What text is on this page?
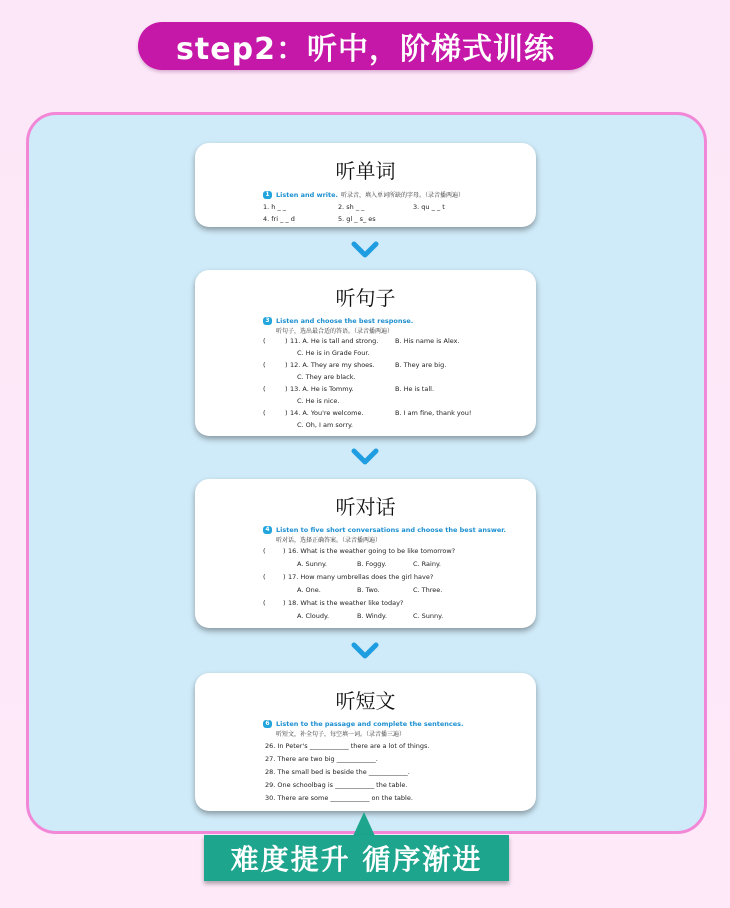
step2：听中，阶梯式训练
听单词
1 Listen and write. 听录音，填入单词所缺的字母。（录音播两遍）
1. h _ _	2. sh _ _	3. qu _ _ t
4. fri _ _ d	5. gl _ s_ es
听句子
3 Listen and choose the best response.
听句子，选出最合适的答语。（录音播两遍）
(	) 11. A. He is tall and strong.	B. His name is Alex.
C. He is in Grade Four.
(	) 12. A. They are my shoes.	B. They are big.
C. They are black.
(	) 13. A. He is Tommy.	B. He is tall.
C. He is nice.
(	) 14. A. You're welcome.	B. I am fine, thank you!
C. Oh, I am sorry.
听对话
4 Listen to five short conversations and choose the best answer.
听对话，选择正确答案。（录音播两遍）
(	) 16. What is the weather going to be like tomorrow?
A. Sunny.	B. Foggy.	C. Rainy.
(	) 17. How many umbrellas does the girl have?
A. One.	B. Two.	C. Three.
(	) 18. What is the weather like today?
A. Cloudy.	B. Windy.	C. Sunny.
听短文
6 Listen to the passage and complete the sentences.
听短文，补全句子，每空填一词。（录音播三遍）
26. In Peter's ____________ there are a lot of things.
27. There are two big ____________.
28. The small bed is beside the ____________.
29. One schoolbag is ____________ the table.
30. There are some ____________ on the table.
难度提升 循序渐进
